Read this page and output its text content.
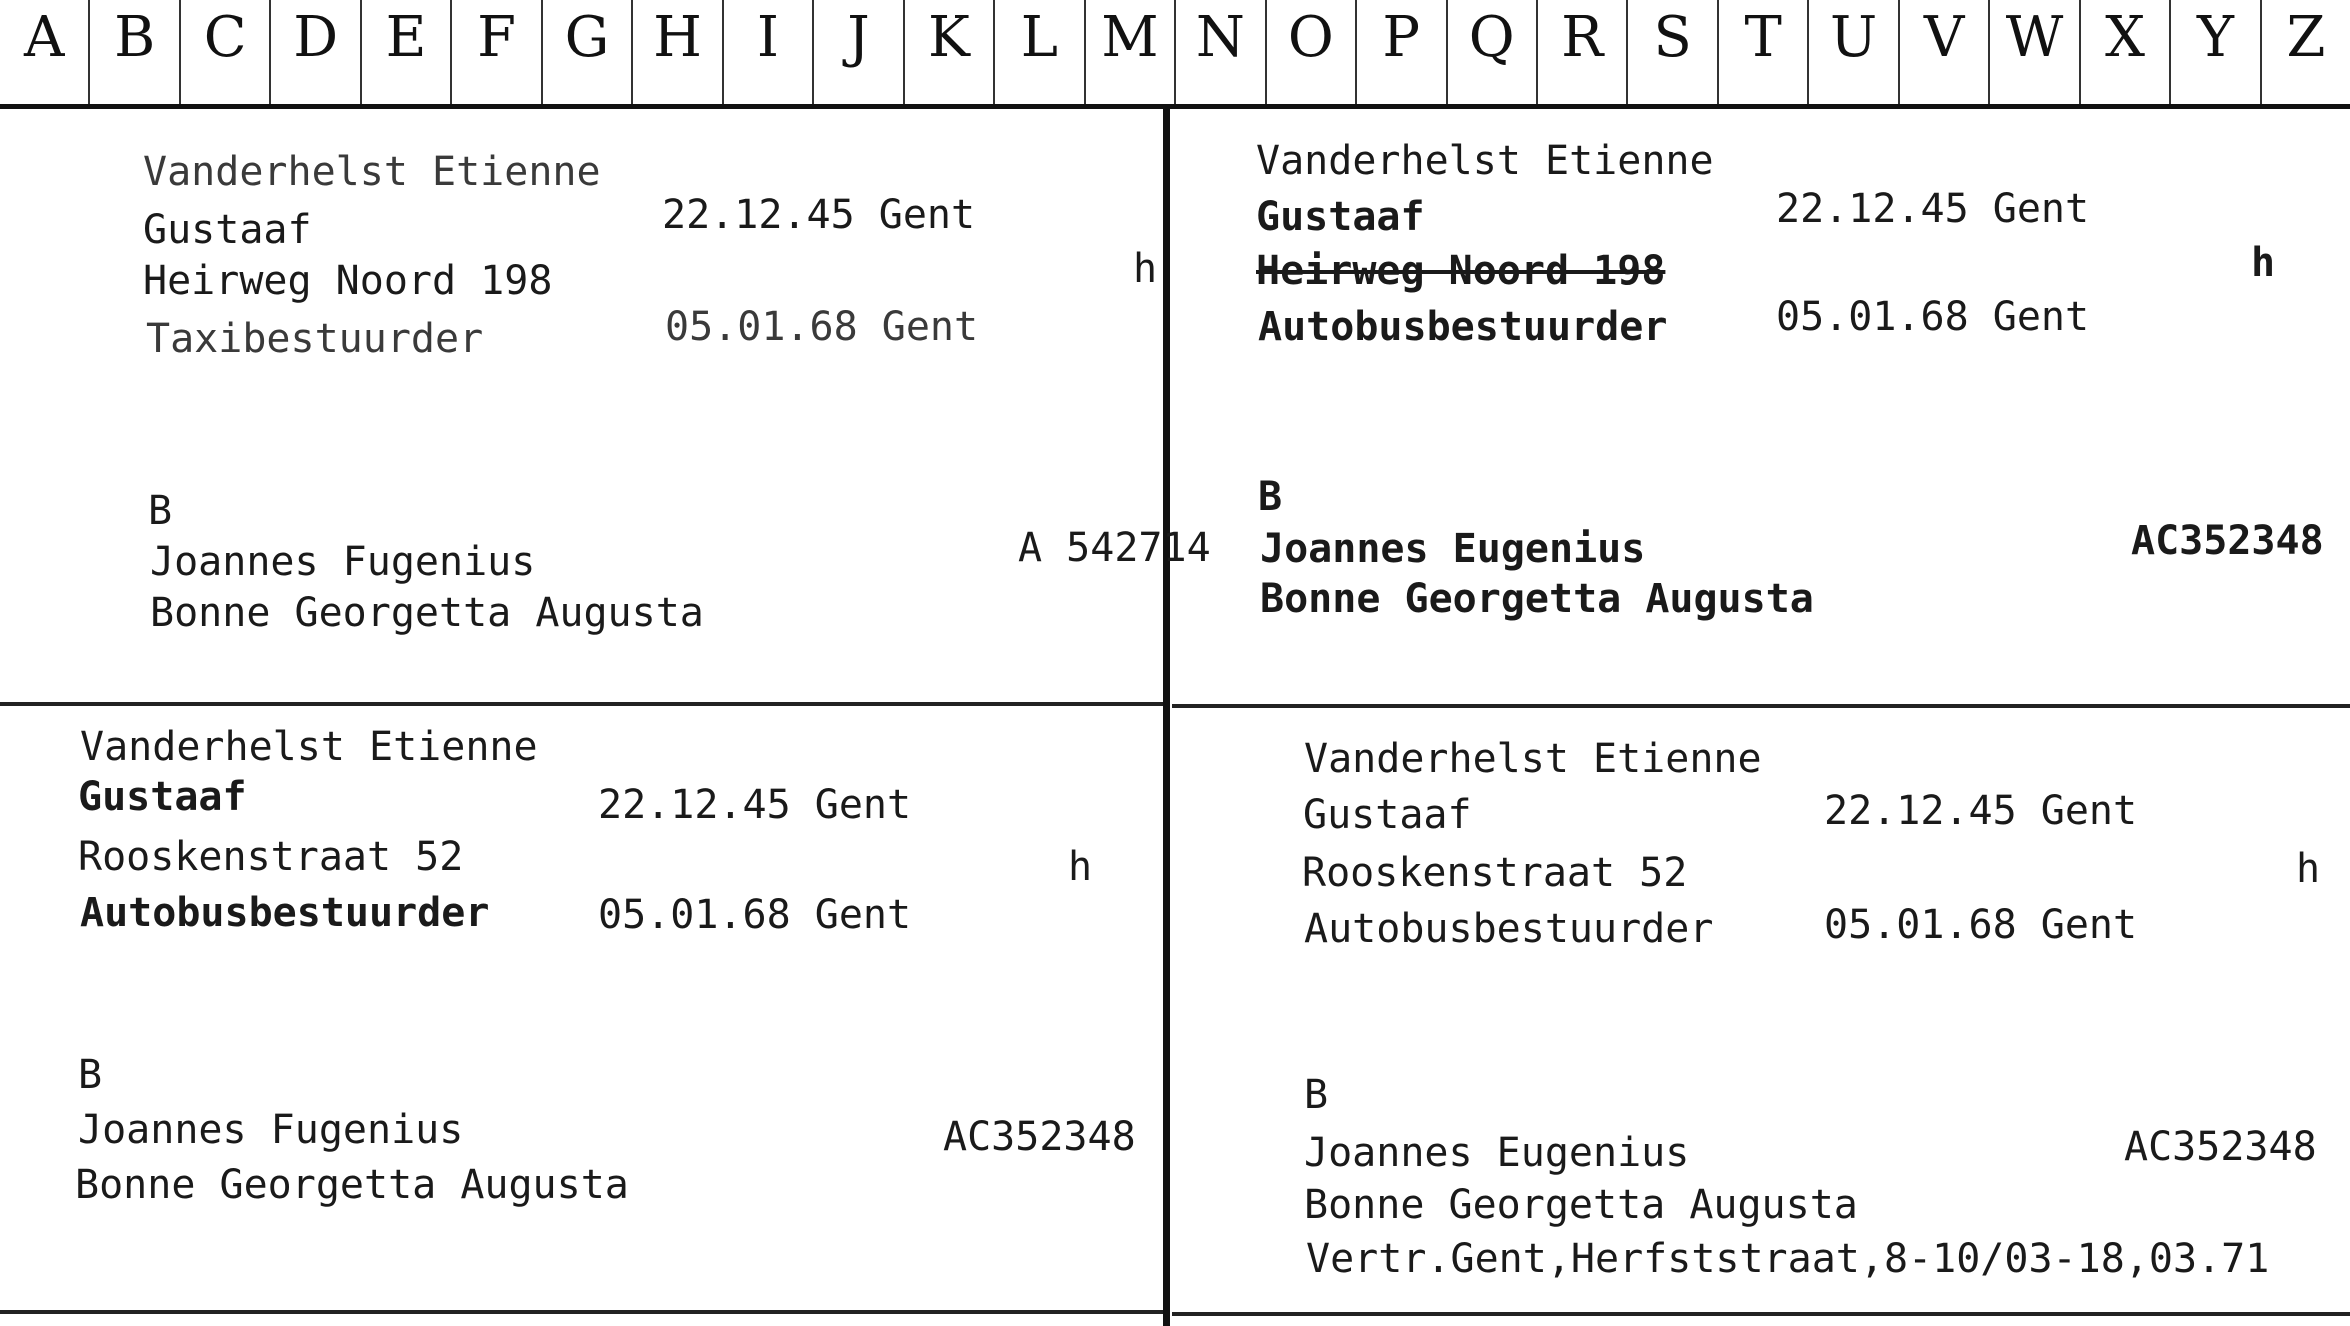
A B C D E F G H I	J	K L M N O P Q R S T U V W X Y Z
Vanderhelst Etienne
Gustaaf	22.12.45 Gent
Heirweg Noord 198	h
Taxibestuurder	05.01.68 Gent
B
A 542714
Joannes Fugenius
Bonne Georgetta Augusta
Vanderhelst Etienne
Gustaaf	22.12.45 Gent
Heirweg Noord 198	h
Autobusbestuurder	05.01.68 Gent
B
AC352348
Joannes Eugenius
Bonne Georgetta Augusta
Vanderhelst Etienne
Gustaaf	22.12.45 Gent
Rooskenstraat 52	h
Autobusbestuurder	05.01.68 Gent
B
AC352348
Joannes Fugenius
Bonne Georgetta Augusta
Vanderhelst Etienne
Gustaaf	22.12.45 Gent
Rooskenstraat 52	h
Autobusbestuurder	05.01.68 Gent
B
AC352348
Joannes Eugenius
Bonne Georgetta Augusta
Vertr.Gent,Herfststraat,8-10/03-18,03.71
